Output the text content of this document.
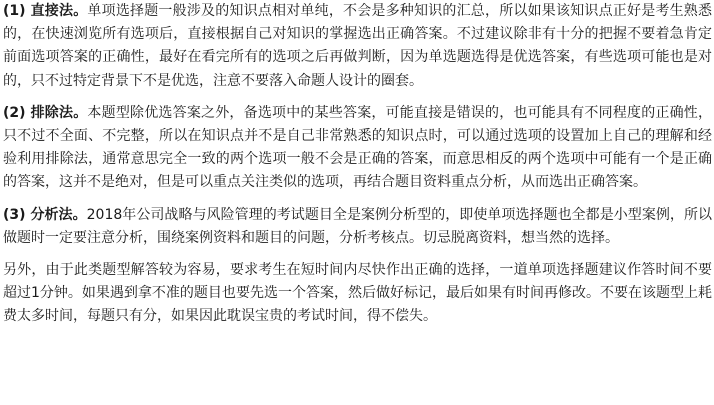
(1) 直接法。单项选择题一般涉及的知识点相对单纯，不会是多种知识的汇总，所以如果该知识点正好是考生熟悉的，在快速浏览所有选项后，直接根据自己对知识的掌握选出正确答案。不过建议除非有十分的把握不要着急肯定前面选项答案的正确性，最好在看完所有的选项之后再做判断，因为单选题选得是优选答案，有些选项可能也是对的，只不过特定背景下不是优选，注意不要落入命题人设计的圈套。

(2) 排除法。本题型除优选答案之外，备选项中的某些答案，可能直接是错误的，也可能具有不同程度的正确性，只不过不全面、不完整，所以在知识点并不是自己非常熟悉的知识点时，可以通过选项的设置加上自己的理解和经验利用排除法，通常意思完全一致的两个选项一般不会是正确的答案，而意思相反的两个选项中可能有一个是正确的答案，这并不是绝对，但是可以重点关注类似的选项，再结合题目资料重点分析，从而选出正确答案。

(3) 分析法。2018年公司战略与风险管理的考试题目全是案例分析型的，即使单项选择题也全都是小型案例，所以做题时一定要注意分析，围绕案例资料和题目的问题，分析考核点。切忌脱离资料，想当然的选择。

另外，由于此类题型解答较为容易，要求考生在短时间内尽快作出正确的选择，一道单项选择题建议作答时间不要超过1分钟。如果遇到拿不准的题目也要先选一个答案，然后做好标记，最后如果有时间再修改。不要在该题型上耗费太多时间，每题只有分，如果因此耽误宝贵的考试时间，得不偿失。
